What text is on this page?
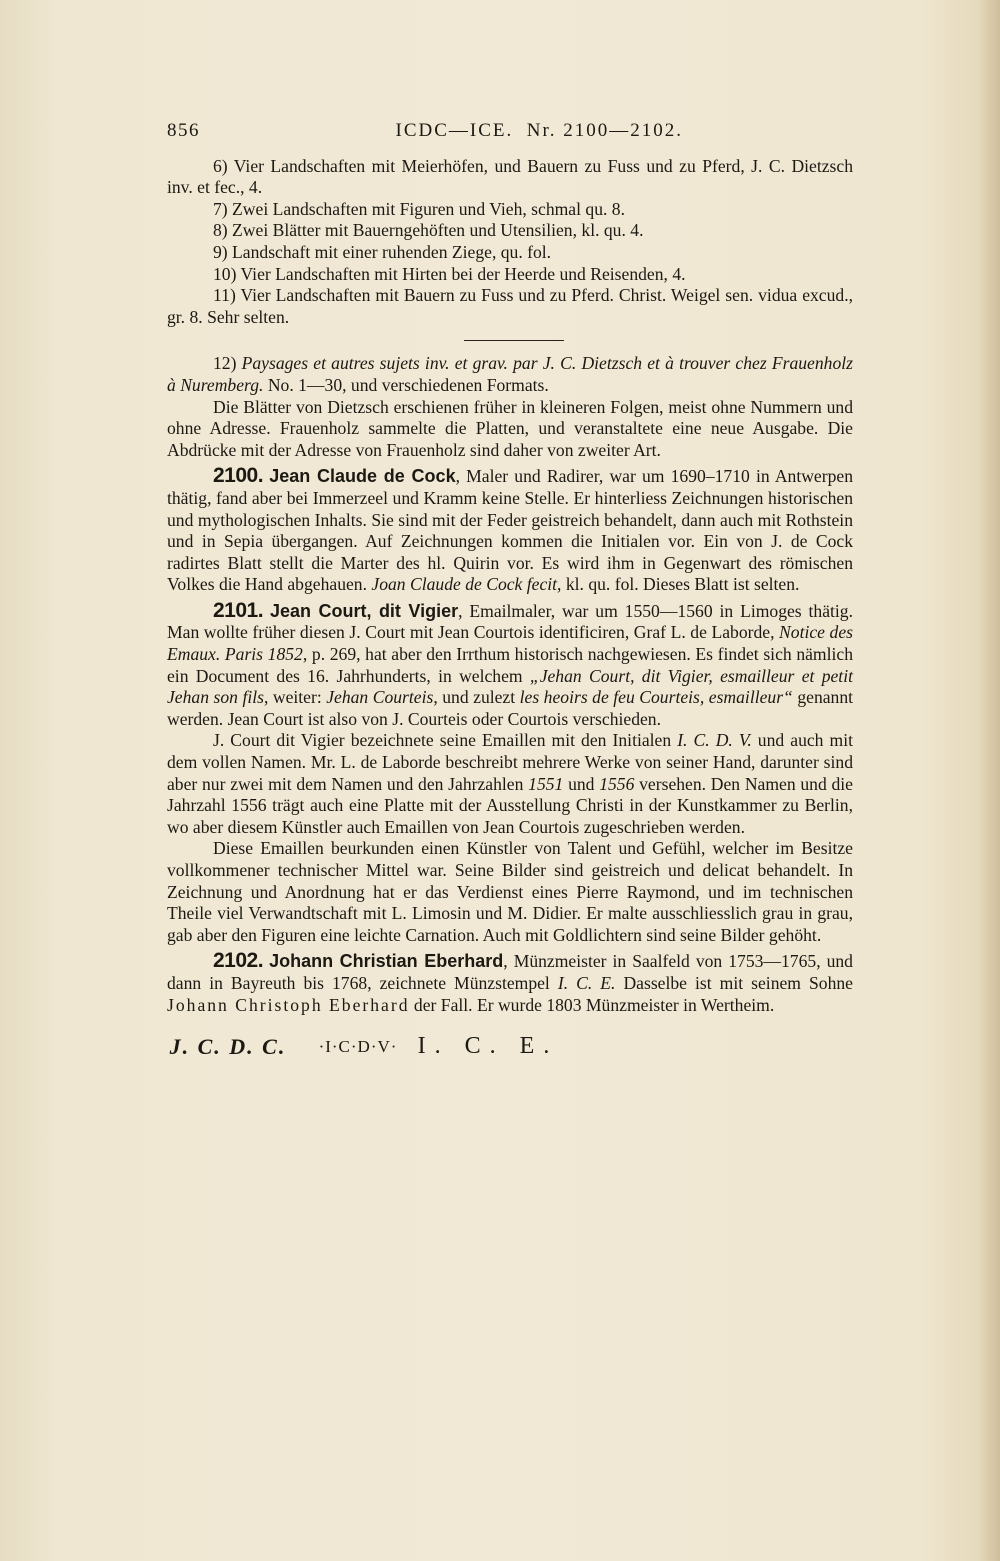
856	ICDC—ICE. Nr. 2100—2102.

6) Vier Landschaften mit Meierhöfen, und Bauern zu Fuss und zu Pferd, J. C. Dietzsch inv. et fec., 4.

7) Zwei Landschaften mit Figuren und Vieh, schmal qu. 8.

8) Zwei Blätter mit Bauerngehöften und Utensilien, kl. qu. 4.

9) Landschaft mit einer ruhenden Ziege, qu. fol.

10) Vier Landschaften mit Hirten bei der Heerde und Reisenden, 4.

11) Vier Landschaften mit Bauern zu Fuss und zu Pferd. Christ. Weigel sen. vidua excud., gr. 8. Sehr selten.

12) Paysages et autres sujets inv. et grav. par J. C. Dietzsch et à trouver chez Frauenholz à Nuremberg. No. 1—30, und verschiedenen Formats.

Die Blätter von Dietzsch erschienen früher in kleineren Folgen, meist ohne Nummern und ohne Adresse. Frauenholz sammelte die Platten, und veranstaltete eine neue Ausgabe. Die Abdrücke mit der Adresse von Frauenholz sind daher von zweiter Art.

2100. Jean Claude de Cock, Maler und Radirer, war um 1690–1710 in Antwerpen thätig, fand aber bei Immerzeel und Kramm keine Stelle. Er hinterliess Zeichnungen historischen und mythologischen Inhalts. Sie sind mit der Feder geistreich behandelt, dann auch mit Rothstein und in Sepia übergangen. Auf Zeichnungen kommen die Initialen vor. Ein von J. de Cock radirtes Blatt stellt die Marter des hl. Quirin vor. Es wird ihm in Gegenwart des römischen Volkes die Hand abgehauen. Joan Claude de Cock fecit, kl. qu. fol. Dieses Blatt ist selten.

2101. Jean Court, dit Vigier, Emailmaler, war um 1550—1560 in Limoges thätig. Man wollte früher diesen J. Court mit Jean Courtois identificiren, Graf L. de Laborde, Notice des Emaux. Paris 1852, p. 269, hat aber den Irrthum historisch nachgewiesen. Es findet sich nämlich ein Document des 16. Jahrhunderts, in welchem „Jehan Court, dit Vigier, esmailleur et petit Jehan son fils, weiter: Jehan Courteis, und zulezt les heoirs de feu Courteis, esmailleur“ genannt werden. Jean Court ist also von J. Courteis oder Courtois verschieden.

J. Court dit Vigier bezeichnete seine Emaillen mit den Initialen I. C. D. V. und auch mit dem vollen Namen. Mr. L. de Laborde beschreibt mehrere Werke von seiner Hand, darunter sind aber nur zwei mit dem Namen und den Jahrzahlen 1551 und 1556 versehen. Den Namen und die Jahrzahl 1556 trägt auch eine Platte mit der Ausstellung Christi in der Kunstkammer zu Berlin, wo aber diesem Künstler auch Emaillen von Jean Courtois zugeschrieben werden.

Diese Emaillen beurkunden einen Künstler von Talent und Gefühl, welcher im Besitze vollkommener technischer Mittel war. Seine Bilder sind geistreich und delicat behandelt. In Zeichnung und Anordnung hat er das Verdienst eines Pierre Raymond, und im technischen Theile viel Verwandtschaft mit L. Limosin und M. Didier. Er malte ausschliesslich grau in grau, gab aber den Figuren eine leichte Carnation. Auch mit Goldlichtern sind seine Bilder gehöht.

2102. Johann Christian Eberhard, Münzmeister in Saalfeld von 1753—1765, und dann in Bayreuth bis 1768, zeichnete Münzstempel I. C. E. Dasselbe ist mit seinem Sohne Johann Christoph Eberhard der Fall. Er wurde 1803 Münzmeister in Wertheim.

J. C. D. C.	·I·C·D·V· I. C. E.
